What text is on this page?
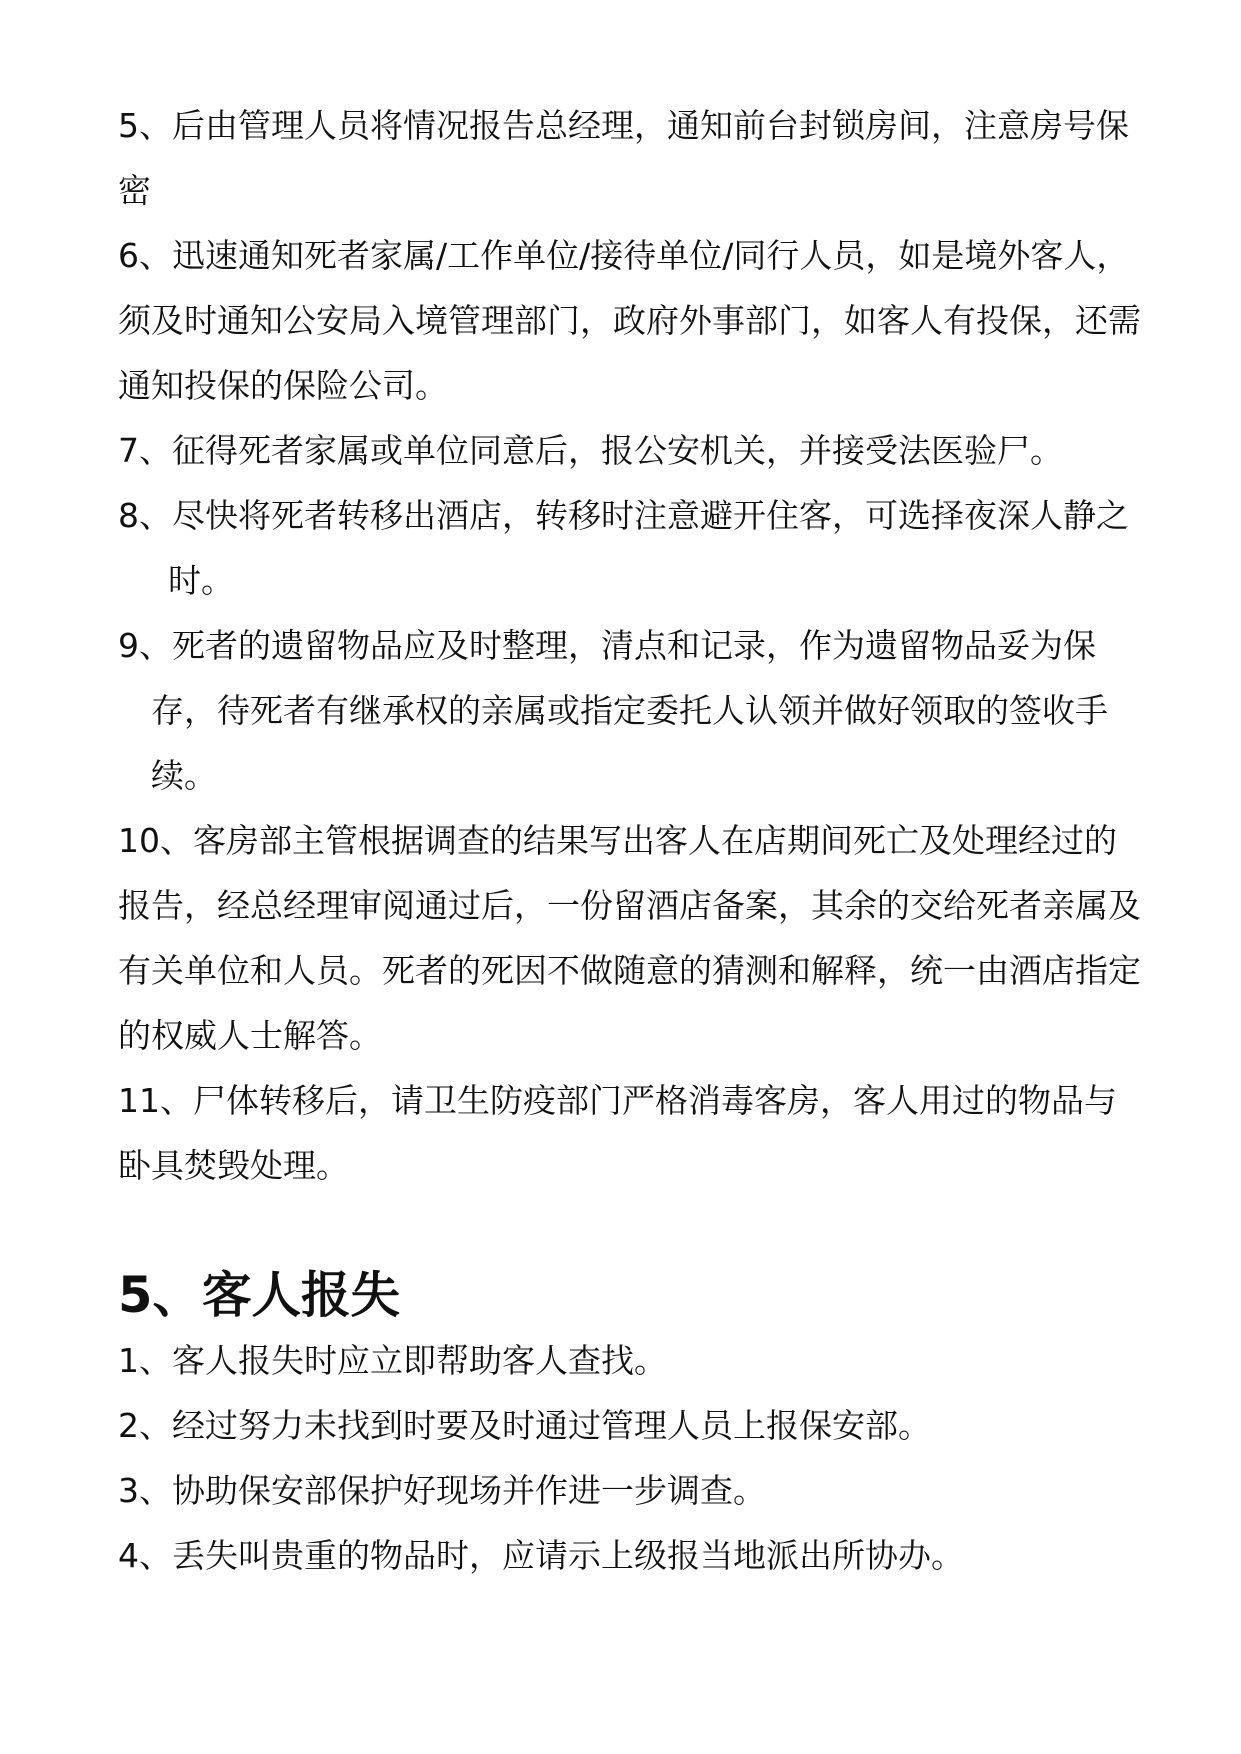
5、后由管理人员将情况报告总经理，通知前台封锁房间，注意房号保密

6、迅速通知死者家属/工作单位/接待单位/同行人员，如是境外客人，须及时通知公安局入境管理部门，政府外事部门，如客人有投保，还需通知投保的保险公司。

7、征得死者家属或单位同意后，报公安机关，并接受法医验尸。

8、尽快将死者转移出酒店，转移时注意避开住客，可选择夜深人静之时。

9、死者的遗留物品应及时整理，清点和记录，作为遗留物品妥为保存，待死者有继承权的亲属或指定委托人认领并做好领取的签收手续。

10、客房部主管根据调查的结果写出客人在店期间死亡及处理经过的报告，经总经理审阅通过后，一份留酒店备案，其余的交给死者亲属及有关单位和人员。死者的死因不做随意的猜测和解释，统一由酒店指定的权威人士解答。

11、尸体转移后，请卫生防疫部门严格消毒客房，客人用过的物品与卧具焚毁处理。

5、客人报失

1、客人报失时应立即帮助客人查找。

2、经过努力未找到时要及时通过管理人员上报保安部。

3、协助保安部保护好现场并作进一步调查。

4、丢失叫贵重的物品时，应请示上级报当地派出所协办。
